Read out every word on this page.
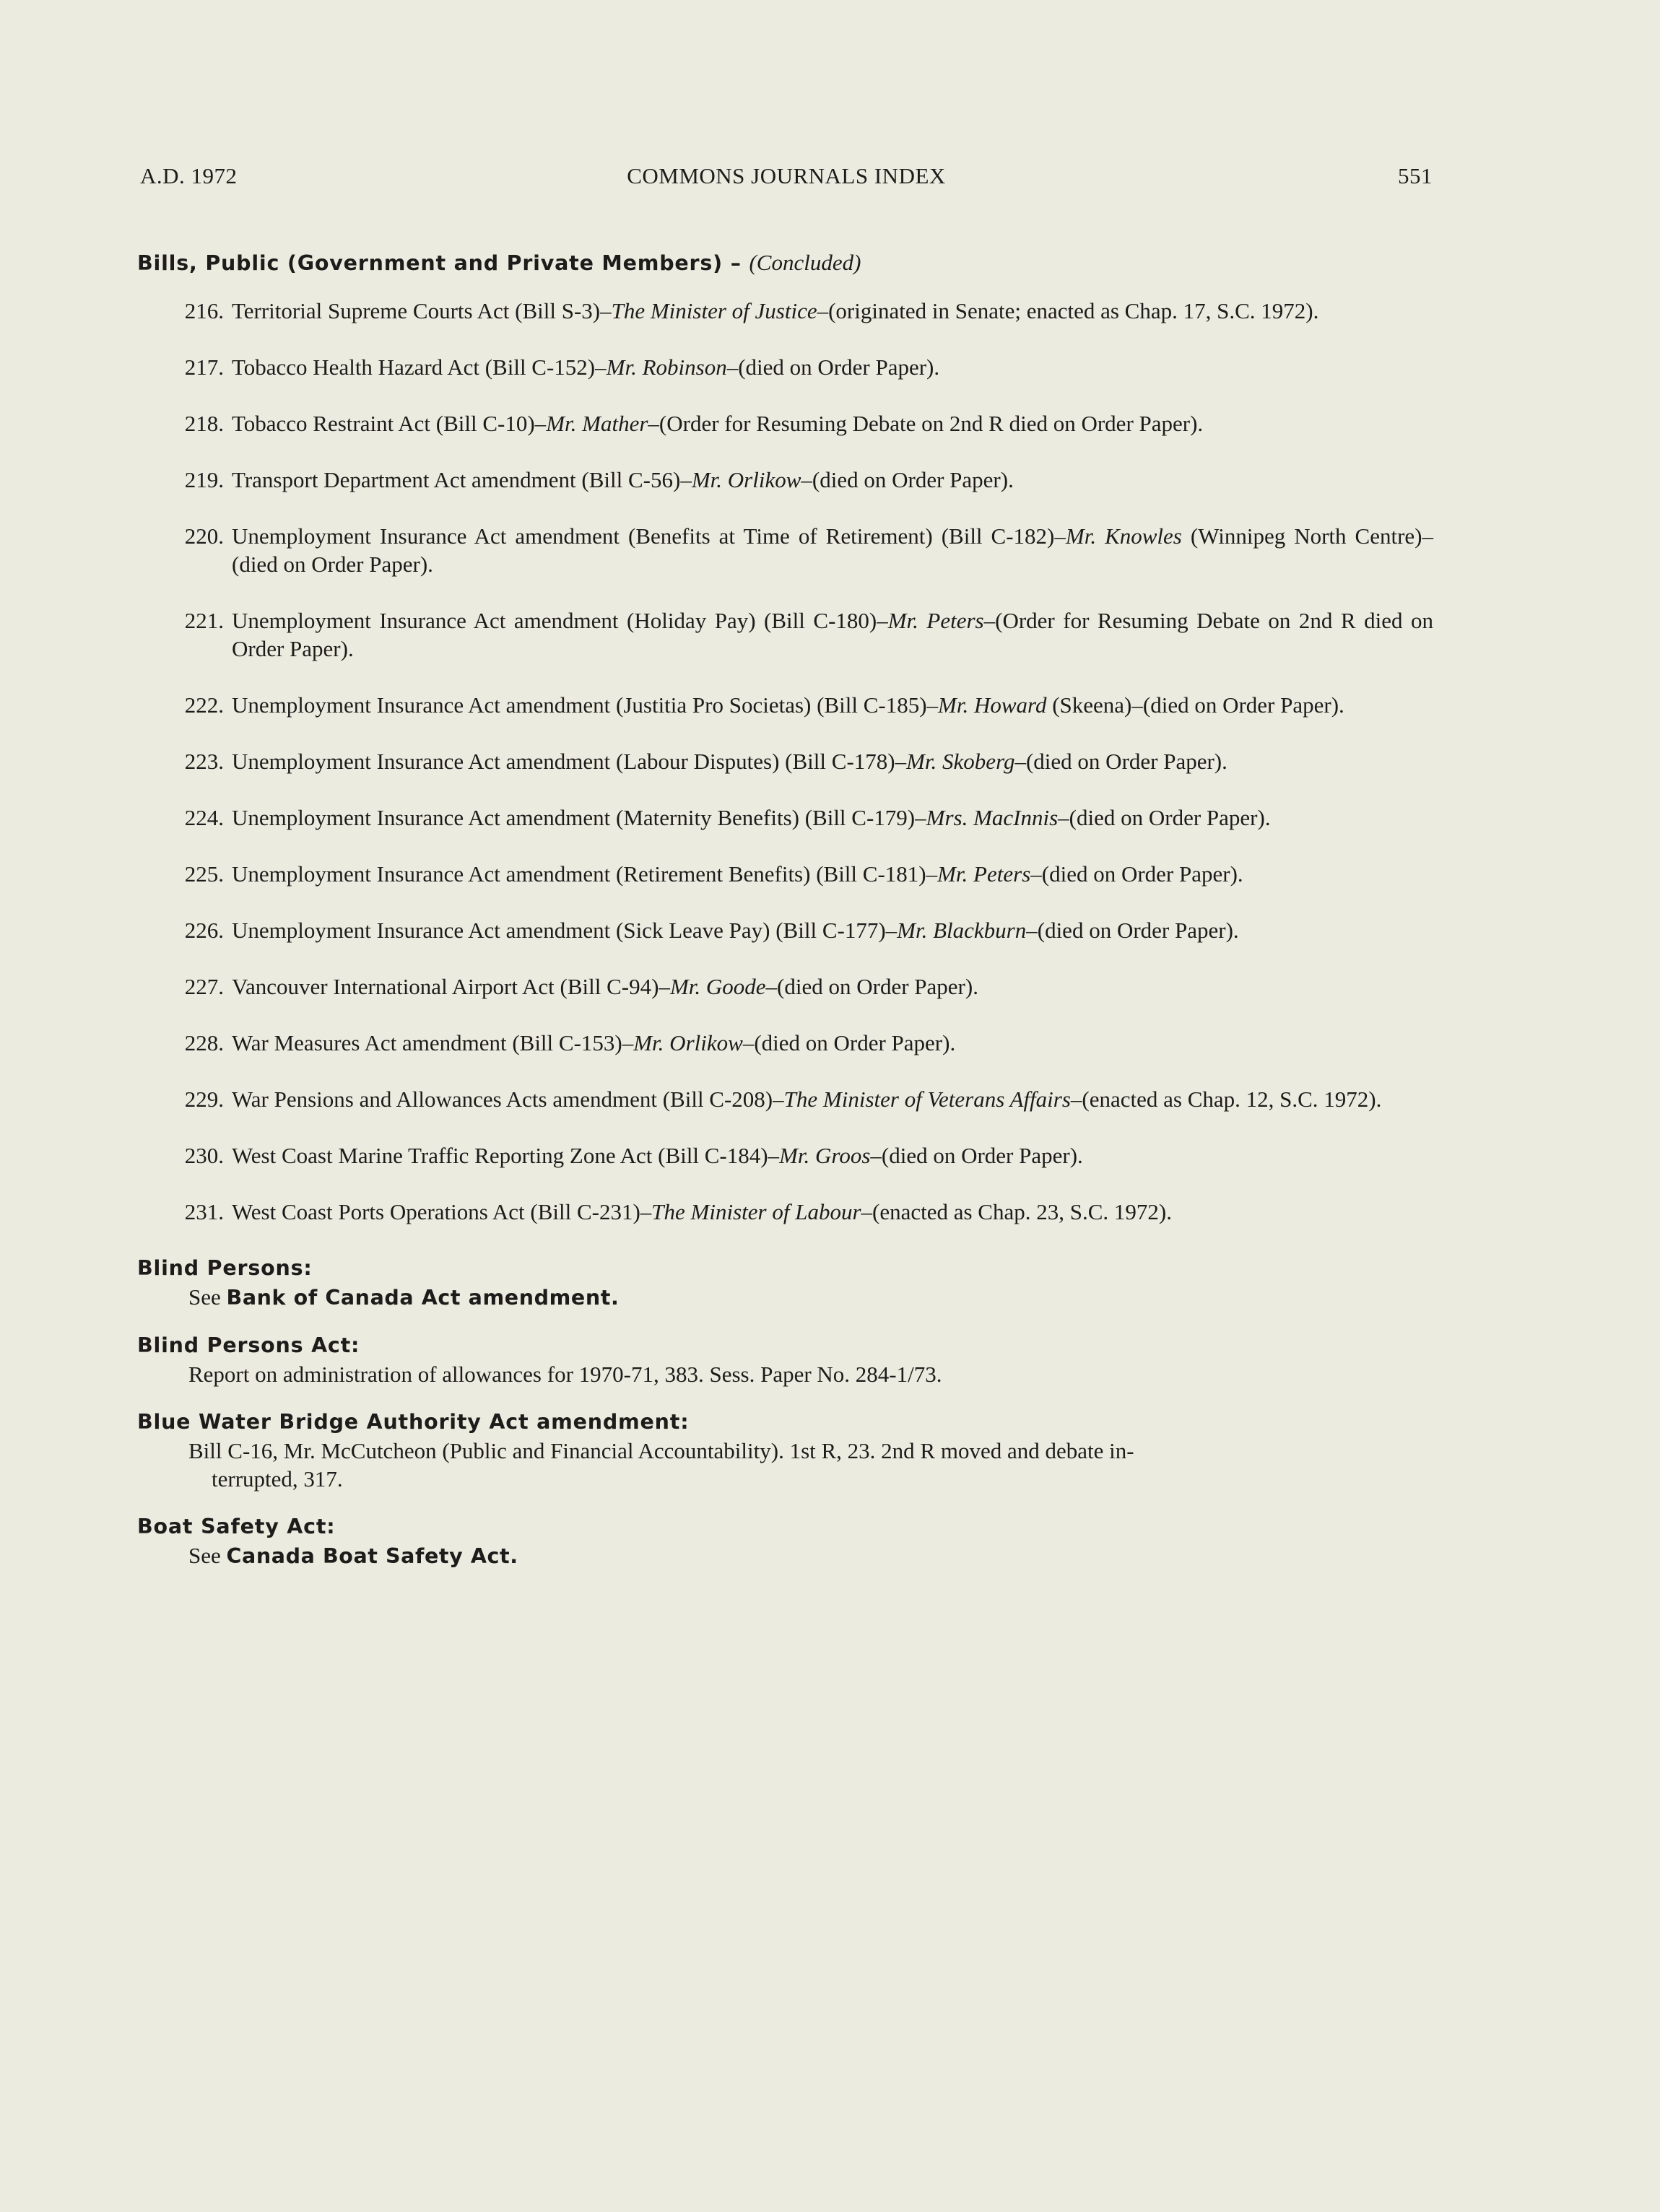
A.D. 1972	COMMONS JOURNALS INDEX	551
Bills, Public (Government and Private Members) – (Concluded)
216. Territorial Supreme Courts Act (Bill S-3)–The Minister of Justice–(originated in Senate; enacted as Chap. 17, S.C. 1972).
217. Tobacco Health Hazard Act (Bill C-152)–Mr. Robinson–(died on Order Paper).
218. Tobacco Restraint Act (Bill C-10)–Mr. Mather–(Order for Resuming Debate on 2nd R died on Order Paper).
219. Transport Department Act amendment (Bill C-56)–Mr. Orlikow–(died on Order Paper).
220. Unemployment Insurance Act amendment (Benefits at Time of Retirement) (Bill C-182)–Mr. Knowles (Winnipeg North Centre)–(died on Order Paper).
221. Unemployment Insurance Act amendment (Holiday Pay) (Bill C-180)–Mr. Peters–(Order for Resuming Debate on 2nd R died on Order Paper).
222. Unemployment Insurance Act amendment (Justitia Pro Societas) (Bill C-185)–Mr. Howard (Skeena)–(died on Order Paper).
223. Unemployment Insurance Act amendment (Labour Disputes) (Bill C-178)–Mr. Skoberg–(died on Order Paper).
224. Unemployment Insurance Act amendment (Maternity Benefits) (Bill C-179)–Mrs. MacInnis–(died on Order Paper).
225. Unemployment Insurance Act amendment (Retirement Benefits) (Bill C-181)–Mr. Peters–(died on Order Paper).
226. Unemployment Insurance Act amendment (Sick Leave Pay) (Bill C-177)–Mr. Blackburn–(died on Order Paper).
227. Vancouver International Airport Act (Bill C-94)–Mr. Goode–(died on Order Paper).
228. War Measures Act amendment (Bill C-153)–Mr. Orlikow–(died on Order Paper).
229. War Pensions and Allowances Acts amendment (Bill C-208)–The Minister of Veterans Affairs–(enacted as Chap. 12, S.C. 1972).
230. West Coast Marine Traffic Reporting Zone Act (Bill C-184)–Mr. Groos–(died on Order Paper).
231. West Coast Ports Operations Act (Bill C-231)–The Minister of Labour–(enacted as Chap. 23, S.C. 1972).
Blind Persons:
See Bank of Canada Act amendment.
Blind Persons Act:
Report on administration of allowances for 1970-71, 383. Sess. Paper No. 284-1/73.
Blue Water Bridge Authority Act amendment:
Bill C-16, Mr. McCutcheon (Public and Financial Accountability). 1st R, 23. 2nd R moved and debate in-
terrupted, 317.
Boat Safety Act:
See Canada Boat Safety Act.
